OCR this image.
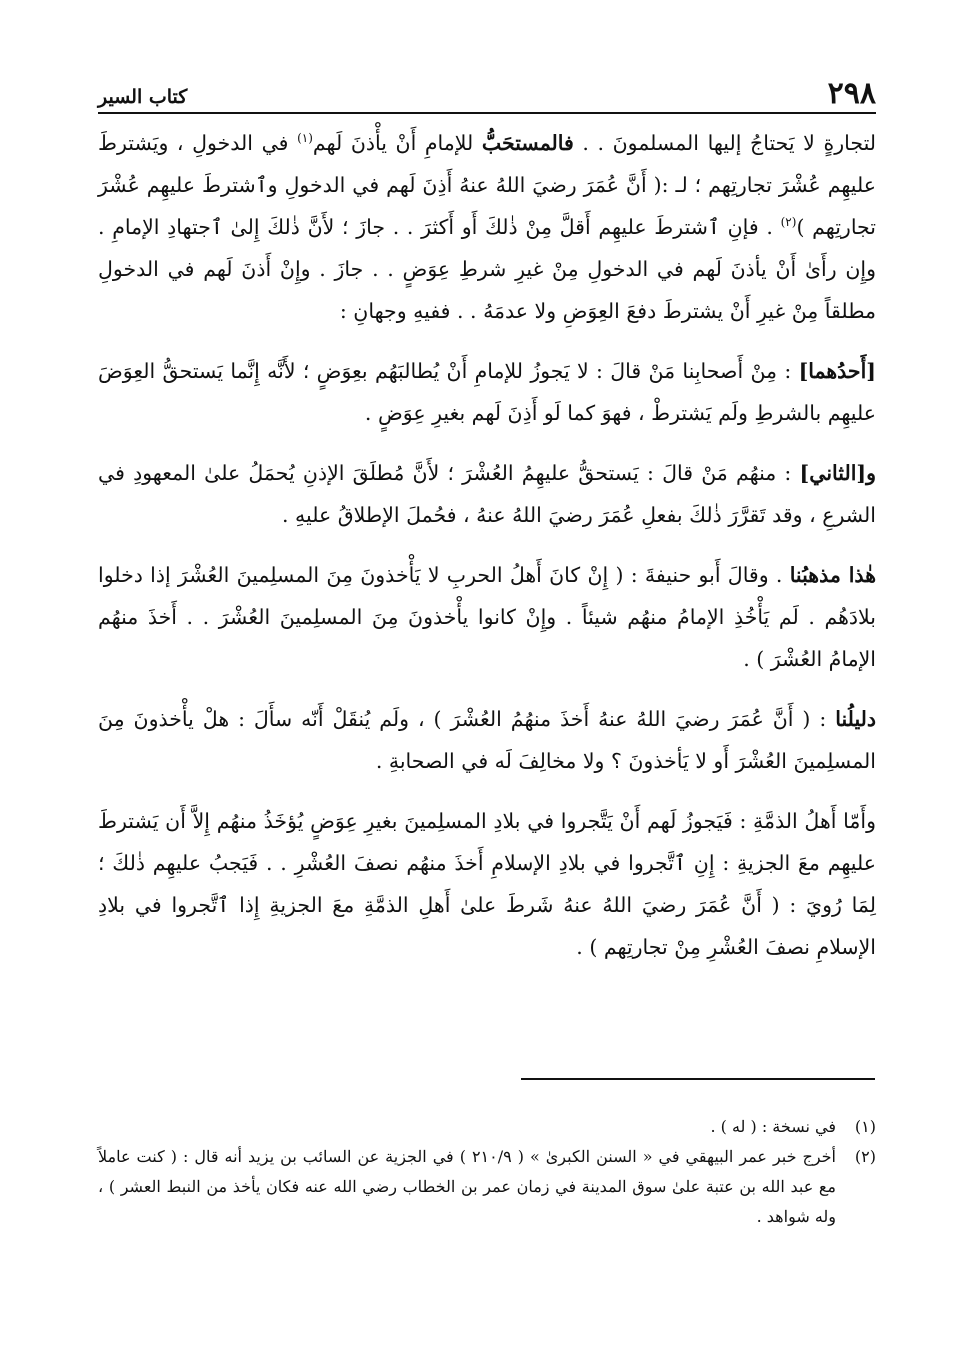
٢٩٨
كتاب السير

لتجارةٍ لا يَحتاجُ إليها المسلمونَ . . فالمستحَبُّ للإمامِ أَنْ يأْذنَ لَهم$^{(١)}$ في الدخولِ ، ويَشترطَ عليهِم عُشْرَ تجارتِهم ؛ لـ :( أَنَّ عُمَرَ رضيَ اللهُ عنهُ أَذِنَ لَهم في الدخولِ وٱشترطَ عليهِم عُشْرَ تجارتِهم )$^{(٢)}$ . فإنِ ٱشترطَ عليهِم أَقلَّ مِنْ ذٰلكَ أَو أَكثرَ . . جازَ ؛ لأَنَّ ذٰلكَ إِلىٰ ٱجتهادِ الإمامِ . وإِن رأَىٰ أَنْ يأذنَ لَهم في الدخولِ مِنْ غيرِ شرطِ عِوَضٍ . . جازَ . وإِنْ أَذنَ لَهم في الدخولِ مطلقاً مِنْ غيرِ أَنْ يشترطَ دفعَ العِوَضِ ولا عدمَهُ . . ففيهِ وجهانِ :

[أَحدُهما] : مِنْ أَصحابِنا مَنْ قالَ : لا يَجوزُ للإمامِ أَنْ يُطالبَهُم بعِوَضٍ ؛ لأَنَّه إِنَّما يَستحقُّ العِوَضَ عليهِم بالشرطِ ولَم يَشترطْ ، فهوَ كما لَو أَذِنَ لَهم بغيرِ عِوَضٍ .

و[الثاني] : منهُم مَنْ قالَ : يَستحقُّ عليهِمُ العُشْرَ ؛ لأَنَّ مُطلَقَ الإذنِ يُحمَلُ علىٰ المعهودِ في الشرعِ ، وقد تَقرَّرَ ذٰلكَ بفعلِ عُمَرَ رضيَ اللهُ عنهُ ، فحُملَ الإطلاقُ عليهِ .

هٰذا مذهبُنا . وقالَ أَبو حنيفةَ : ( إِنْ كانَ أَهلُ الحربِ لا يَأْخذونَ مِنَ المسلِمينَ العُشْرَ إذا دخلوا بلادَهُم . لَم يَأْخُذِ الإمامُ منهُم شيئاً . وإِنْ كانوا يأْخذونَ مِنَ المسلِمينَ العُشْرَ . . أَخذَ منهُم الإمامُ العُشْرَ ) .

دليلُنا : ( أَنَّ عُمَرَ رضيَ اللهُ عنهُ أَخذَ منهُمُ العُشْرَ ) ، ولَم يُنقَلْ أَنّه سأَلَ : هلْ يأْخذونَ مِنَ المسلِمينَ العُشْرَ أَو لا يَأخذونَ ؟ ولا مخالِفَ لَه في الصحابةِ .

وأَمّا أَهلُ الذمَّةِ : فَيَجوزُ لَهم أَنْ يَتَّجروا في بلادِ المسلِمينَ بغيرِ عِوَضٍ يُؤخَذُ منهُم إِلاَّ أَن يَشترطَ عليهِم معَ الجزيةِ : إِنِ ٱتَّجروا في بلادِ الإسلامِ أَخذَ منهُم نصفَ العُشْرِ . . فَيَجبُ عليهِم ذٰلكَ ؛ لِمَا رُويَ : ( أَنَّ عُمَرَ رضيَ اللهُ عنهُ شَرطَ علىٰ أَهلِ الذمَّةِ معَ الجزيةِ إِذا ٱتَّجروا في بلادِ الإسلامِ نصفَ العُشْرِ مِنْ تجارتِهم ) .

(١)
في نسخة : ( له ) .
(٢)
أخرج خبر عمر البيهقي في « السنن الكبرىٰ » ( ٢١٠/٩ ) في الجزية عن السائب بن يزيد أنه قال : ( كنت عاملاً مع عبد الله بن عتبة علىٰ سوق المدينة في زمان عمر بن الخطاب رضي الله عنه فكان يأخذ من النبط العشر ) ، وله شواهد .
